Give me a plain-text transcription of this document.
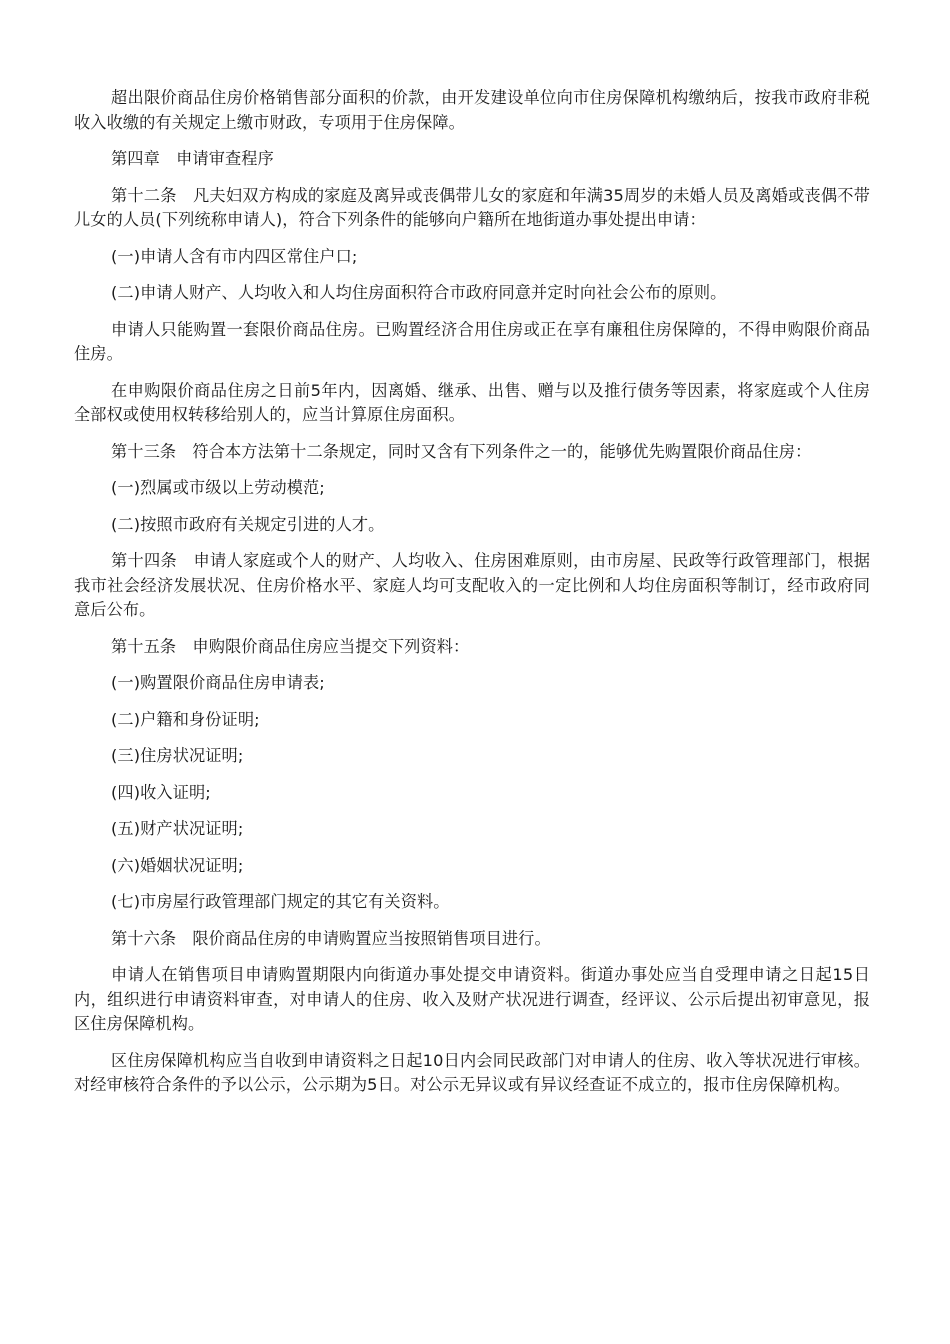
超出限价商品住房价格销售部分面积的价款，由开发建设单位向市住房保障机构缴纳后，按我市政府非税收入收缴的有关规定上缴市财政，专项用于住房保障。

第四章　申请审查程序

第十二条　凡夫妇双方构成的家庭及离异或丧偶带儿女的家庭和年满35周岁的未婚人员及离婚或丧偶不带儿女的人员(下列统称申请人)，符合下列条件的能够向户籍所在地街道办事处提出申请：

(一)申请人含有市内四区常住户口;

(二)申请人财产、人均收入和人均住房面积符合市政府同意并定时向社会公布的原则。

申请人只能购置一套限价商品住房。已购置经济合用住房或正在享有廉租住房保障的，不得申购限价商品住房。

在申购限价商品住房之日前5年内，因离婚、继承、出售、赠与以及推行债务等因素，将家庭或个人住房全部权或使用权转移给别人的，应当计算原住房面积。

第十三条　符合本方法第十二条规定，同时又含有下列条件之一的，能够优先购置限价商品住房：

(一)烈属或市级以上劳动模范;

(二)按照市政府有关规定引进的人才。

第十四条　申请人家庭或个人的财产、人均收入、住房困难原则，由市房屋、民政等行政管理部门，根据我市社会经济发展状况、住房价格水平、家庭人均可支配收入的一定比例和人均住房面积等制订，经市政府同意后公布。

第十五条　申购限价商品住房应当提交下列资料：

(一)购置限价商品住房申请表;

(二)户籍和身份证明;

(三)住房状况证明;

(四)收入证明;

(五)财产状况证明;

(六)婚姻状况证明;

(七)市房屋行政管理部门规定的其它有关资料。

第十六条　限价商品住房的申请购置应当按照销售项目进行。

申请人在销售项目申请购置期限内向街道办事处提交申请资料。街道办事处应当自受理申请之日起15日内，组织进行申请资料审查，对申请人的住房、收入及财产状况进行调查，经评议、公示后提出初审意见，报区住房保障机构。

区住房保障机构应当自收到申请资料之日起10日内会同民政部门对申请人的住房、收入等状况进行审核。对经审核符合条件的予以公示，公示期为5日。对公示无异议或有异议经查证不成立的，报市住房保障机构。
